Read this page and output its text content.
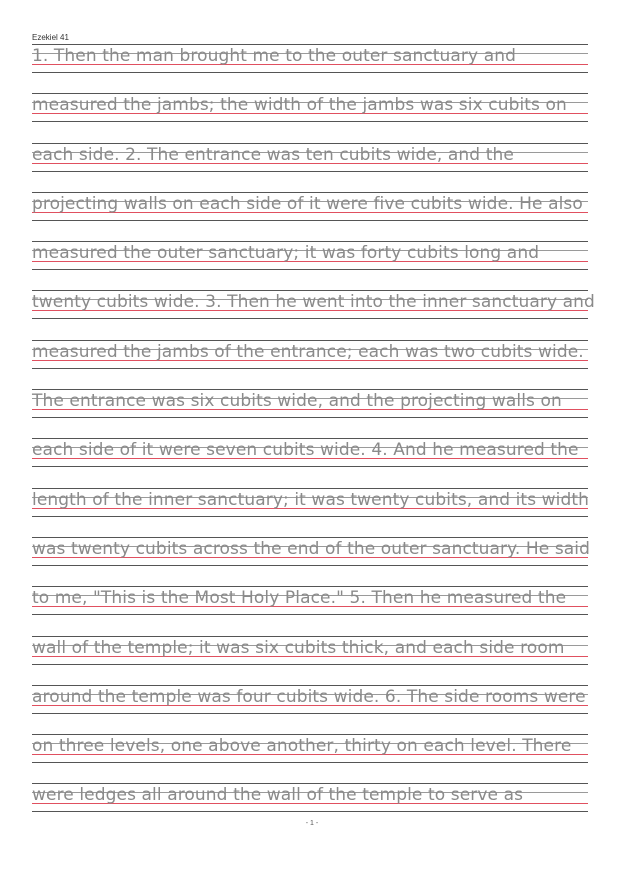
Ezekiel 41
1. Then the man brought me to the outer sanctuary and
measured the jambs; the width of the jambs was six cubits on
each side. 2. The entrance was ten cubits wide, and the
projecting walls on each side of it were five cubits wide. He also
measured the outer sanctuary; it was forty cubits long and
twenty cubits wide. 3. Then he went into the inner sanctuary and
measured the jambs of the entrance; each was two cubits wide.
The entrance was six cubits wide, and the projecting walls on
each side of it were seven cubits wide. 4. And he measured the
length of the inner sanctuary; it was twenty cubits, and its width
was twenty cubits across the end of the outer sanctuary. He said
to me, "This is the Most Holy Place." 5. Then he measured the
wall of the temple; it was six cubits thick, and each side room
around the temple was four cubits wide. 6. The side rooms were
on three levels, one above another, thirty on each level. There
were ledges all around the wall of the temple to serve as
- 1 -
